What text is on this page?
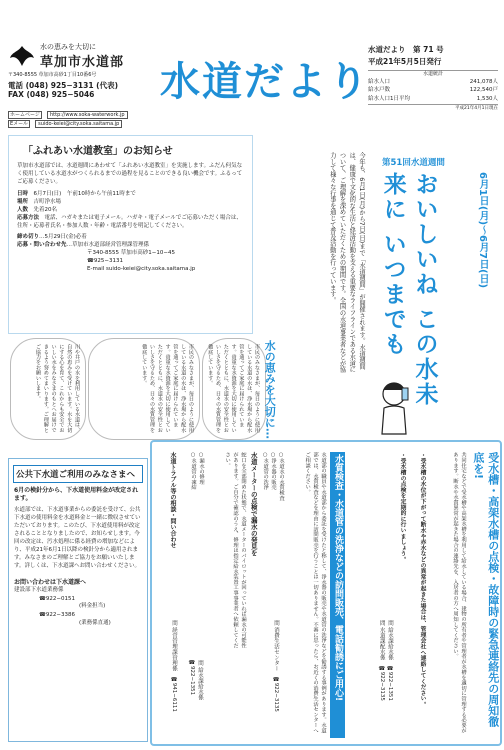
水の恵みを大切に
草加市水道部
〒340-8555 草加市高砂1丁目10番6号
電話 (048) 925−3131 (代表)
FAX (048) 925−5046
ホームページ http://www.soka-waterwork.jp
Eメール suido-keiei@city.soka.saitama.jp
水道だより
水道だより　第 71 号
平成21年5月5日発行
水道統計
給水人口	241,078人
給水戸数	122,540戸
給水人口1日平均	1,530人
平成21年4月1日現在
「ふれあい水道教室」のお知らせ
草加市水道部では、水道週間にあわせて「ふれあい水道教室」を実施します。ふだん何気なく使用している水道水がつくられるまでの過程を見ることのできる良い機会です。ふるってご応募ください。
日時　 6月7日(日)　午前10時から午前11時まで
場所　 吉町浄水場
人数　 先着20名
応募方法　 電話、ハガキまたは電子メール。ハガキ・電子メールでご応募いただく場合は、住所・応募者氏名・参加人数・年齢・電話番号を明記してください。
締め切り…5月29日(金)必着
応募・問い合わせ先…草加市水道部経営管理課管理係
〒340-8555 草加市高砂1−10−45
☎925−3131
E-mail suido-keiei@city.soka.saitama.jp
第51回水道週間
6月1日(月)〜6月7日(日)
おいしいね この水未来に いつまでも
今年も、6月1日(月)から7日(日)まで「水道週間」が開催されます。水道週間は、健康で文化的な生活と経済活動を支える重要なライフラインである水道について、ご理解を深めていただくための期間です。全国の水道事業者などが協力して様々な行事を通じて普及活動を行っています。
川や井戸の水を利用している水道は、自然の恵みを受けています。水を大切にする心を育て、これからも安全でおいしい水をみなさまのもとへお届けできるよう努めてまいります。ご理解とご協力をお願いします。	市民のみなさまが、毎日のように使用している水道の水は、浄水場から配水管を通ってご家庭に届けられています。貴重な水資源を大切に使用していただくとともに、水道水の安全性とおいしさを守るため、日々の水質管理を徹底しています。	市民のみなさまが、毎日のように使用している水道の水は、浄水場から配水管を通ってご家庭に届けられています。貴重な水資源を大切に使用していただくとともに、水道水の安全性とおいしさを守るため、日々の水質管理を徹底しています。	水の恵みを大切に…
公共下水道ご利用のみなさまへ
6月の検針分から、下水道使用料金が改定されます。
水道部では、下水道事業からの委託を受けて、公共下水道の使用料金を水道料金と一緒に徴収させていただいております。このたび、下水道使用料が改定されることとなりましたので、お知らせします。今回の改定は、汚水処理に係る経費の増加などにより、平成21年6月1日以降の検針分から適用されます。みなさまのご理解とご協力をお願いいたします。詳しくは、下水道課へお問い合わせください。
お問い合わせは下水道課へ
建設部下水道業務係
☎922−0151
(料金担当)
☎922−3386
(業務係直通)	受水槽・高架水槽の点検・故障時の緊急連絡先の周知徹底を!
共同住宅などで受水槽や高架水槽を利用して給水している場合、建物の所有者や管理者が水槽を適切に管理する必要があります。断水や水質異常が起きた場合の連絡先を、入居者の方へ周知してください。
・受水槽の水位が下がって断水や赤水などの異常が起きた場合は、管理会社へ連絡してください。
・受水槽の点検を定期的に行いましょう。
問 給水課給水係　☎922−1351
問 水道課配水係　☎922−3135
水質検査・水道管の洗浄などの訪問販売、電話勧誘にご用心!
水道部の職員や水道部から委託を受けたと称して、浄水器の販売や水道管の洗浄などを勧誘する事例があります。水道部では、水質検査などを理由に訪問販売を行うことは一切ありません。不審に思ったら、お近くの消費生活センターへご相談ください。
○水道水の水質検査
○浄水器の販売
○水道管の洗浄
問 消費生活センター　☎922−3135
水道メーターの点検で漏水の発見を
蛇口を全部閉めた状態で、水道メーターのパイロットが回っていれば漏水の可能性があります。ご自分で確認のうえ、修理は指定給水装置工事事業者へ依頼してください。
○漏水の修理
○水道管の凍結
問 給水課給水係　☎922−1351
水道トラブル等の相談・問い合わせ
問 経営管理課管理係　☎941−6111
